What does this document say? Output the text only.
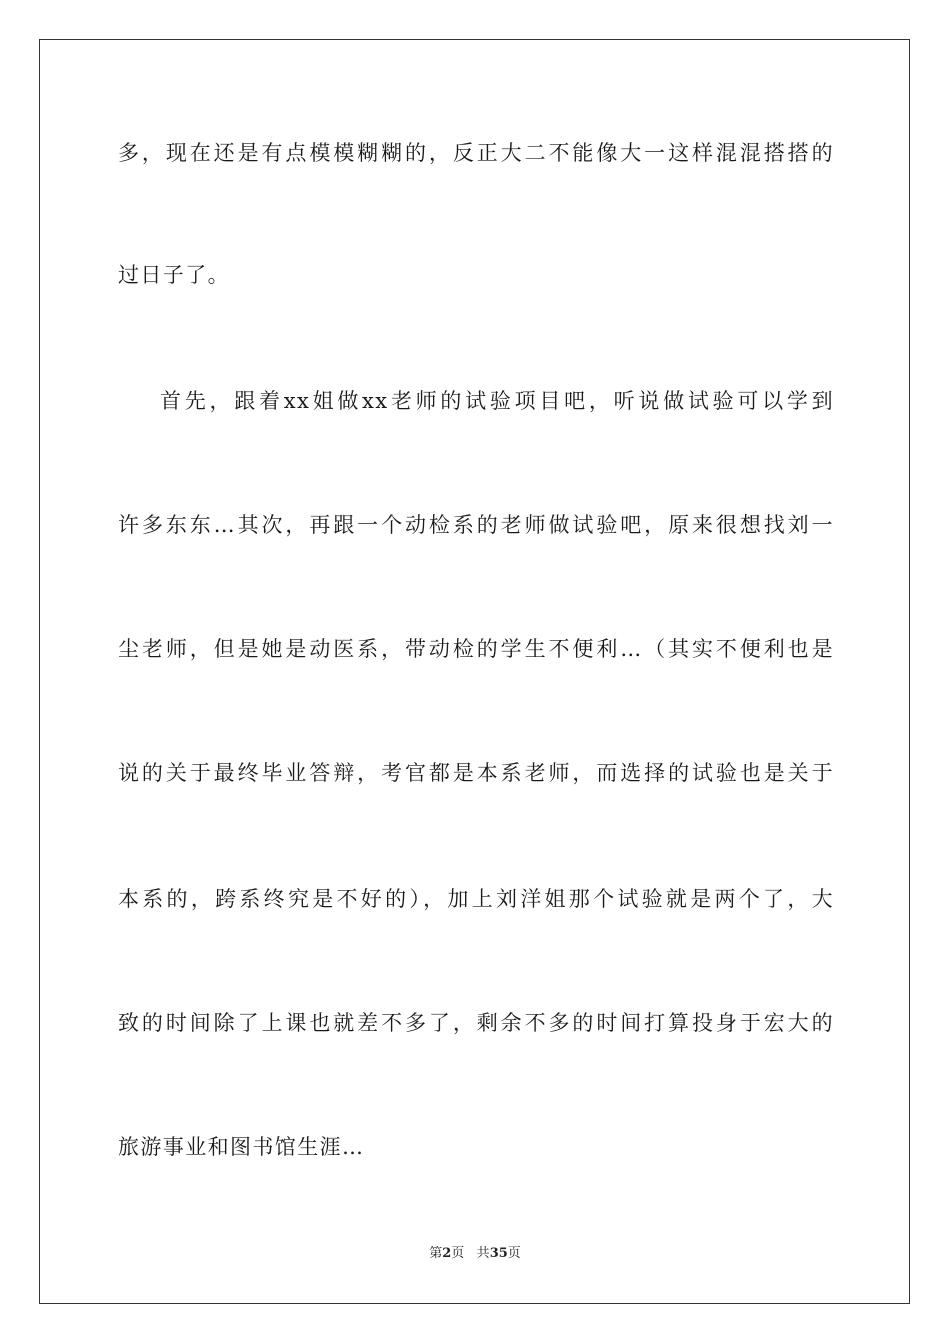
多，现在还是有点模模糊糊的，反正大二不能像大一这样混混搭搭的
过日子了。
首先，跟着xx姐做xx老师的试验项目吧，听说做试验可以学到
许多东东…其次，再跟一个动检系的老师做试验吧，原来很想找刘一
尘老师，但是她是动医系，带动检的学生不便利…（其实不便利也是
说的关于最终毕业答辩，考官都是本系老师，而选择的试验也是关于
本系的，跨系终究是不好的），加上刘洋姐那个试验就是两个了，大
致的时间除了上课也就差不多了，剩余不多的时间打算投身于宏大的
旅游事业和图书馆生涯…
第2页 共35页
